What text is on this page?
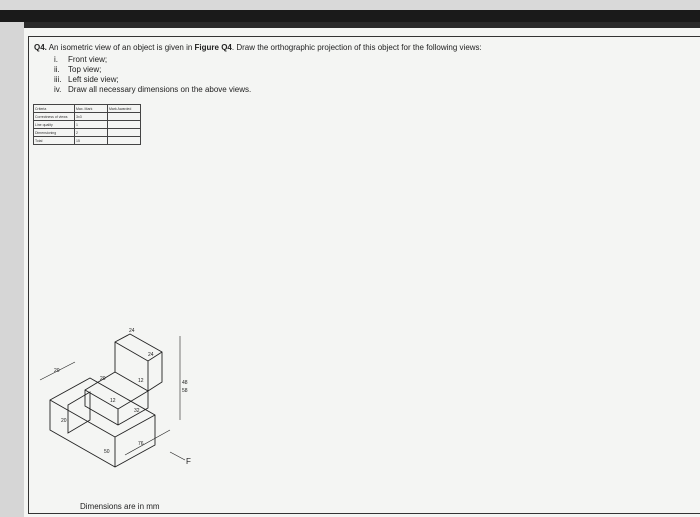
Q4. An isometric view of an object is given in Figure Q4. Draw the orthographic projection of this object for the following views:
i. Front view;
ii. Top view;
iii. Left side view;
iv. Draw all necessary dimensions on the above views.
Criteria	Max. Mark	Mark Awarded
Correctness of views	3x3	
Line quality	1	
Dimensioning	2	
Total	15	
24
24
20	12
12
32
48
58
20
20
50
76
F
Dimensions are in mm
